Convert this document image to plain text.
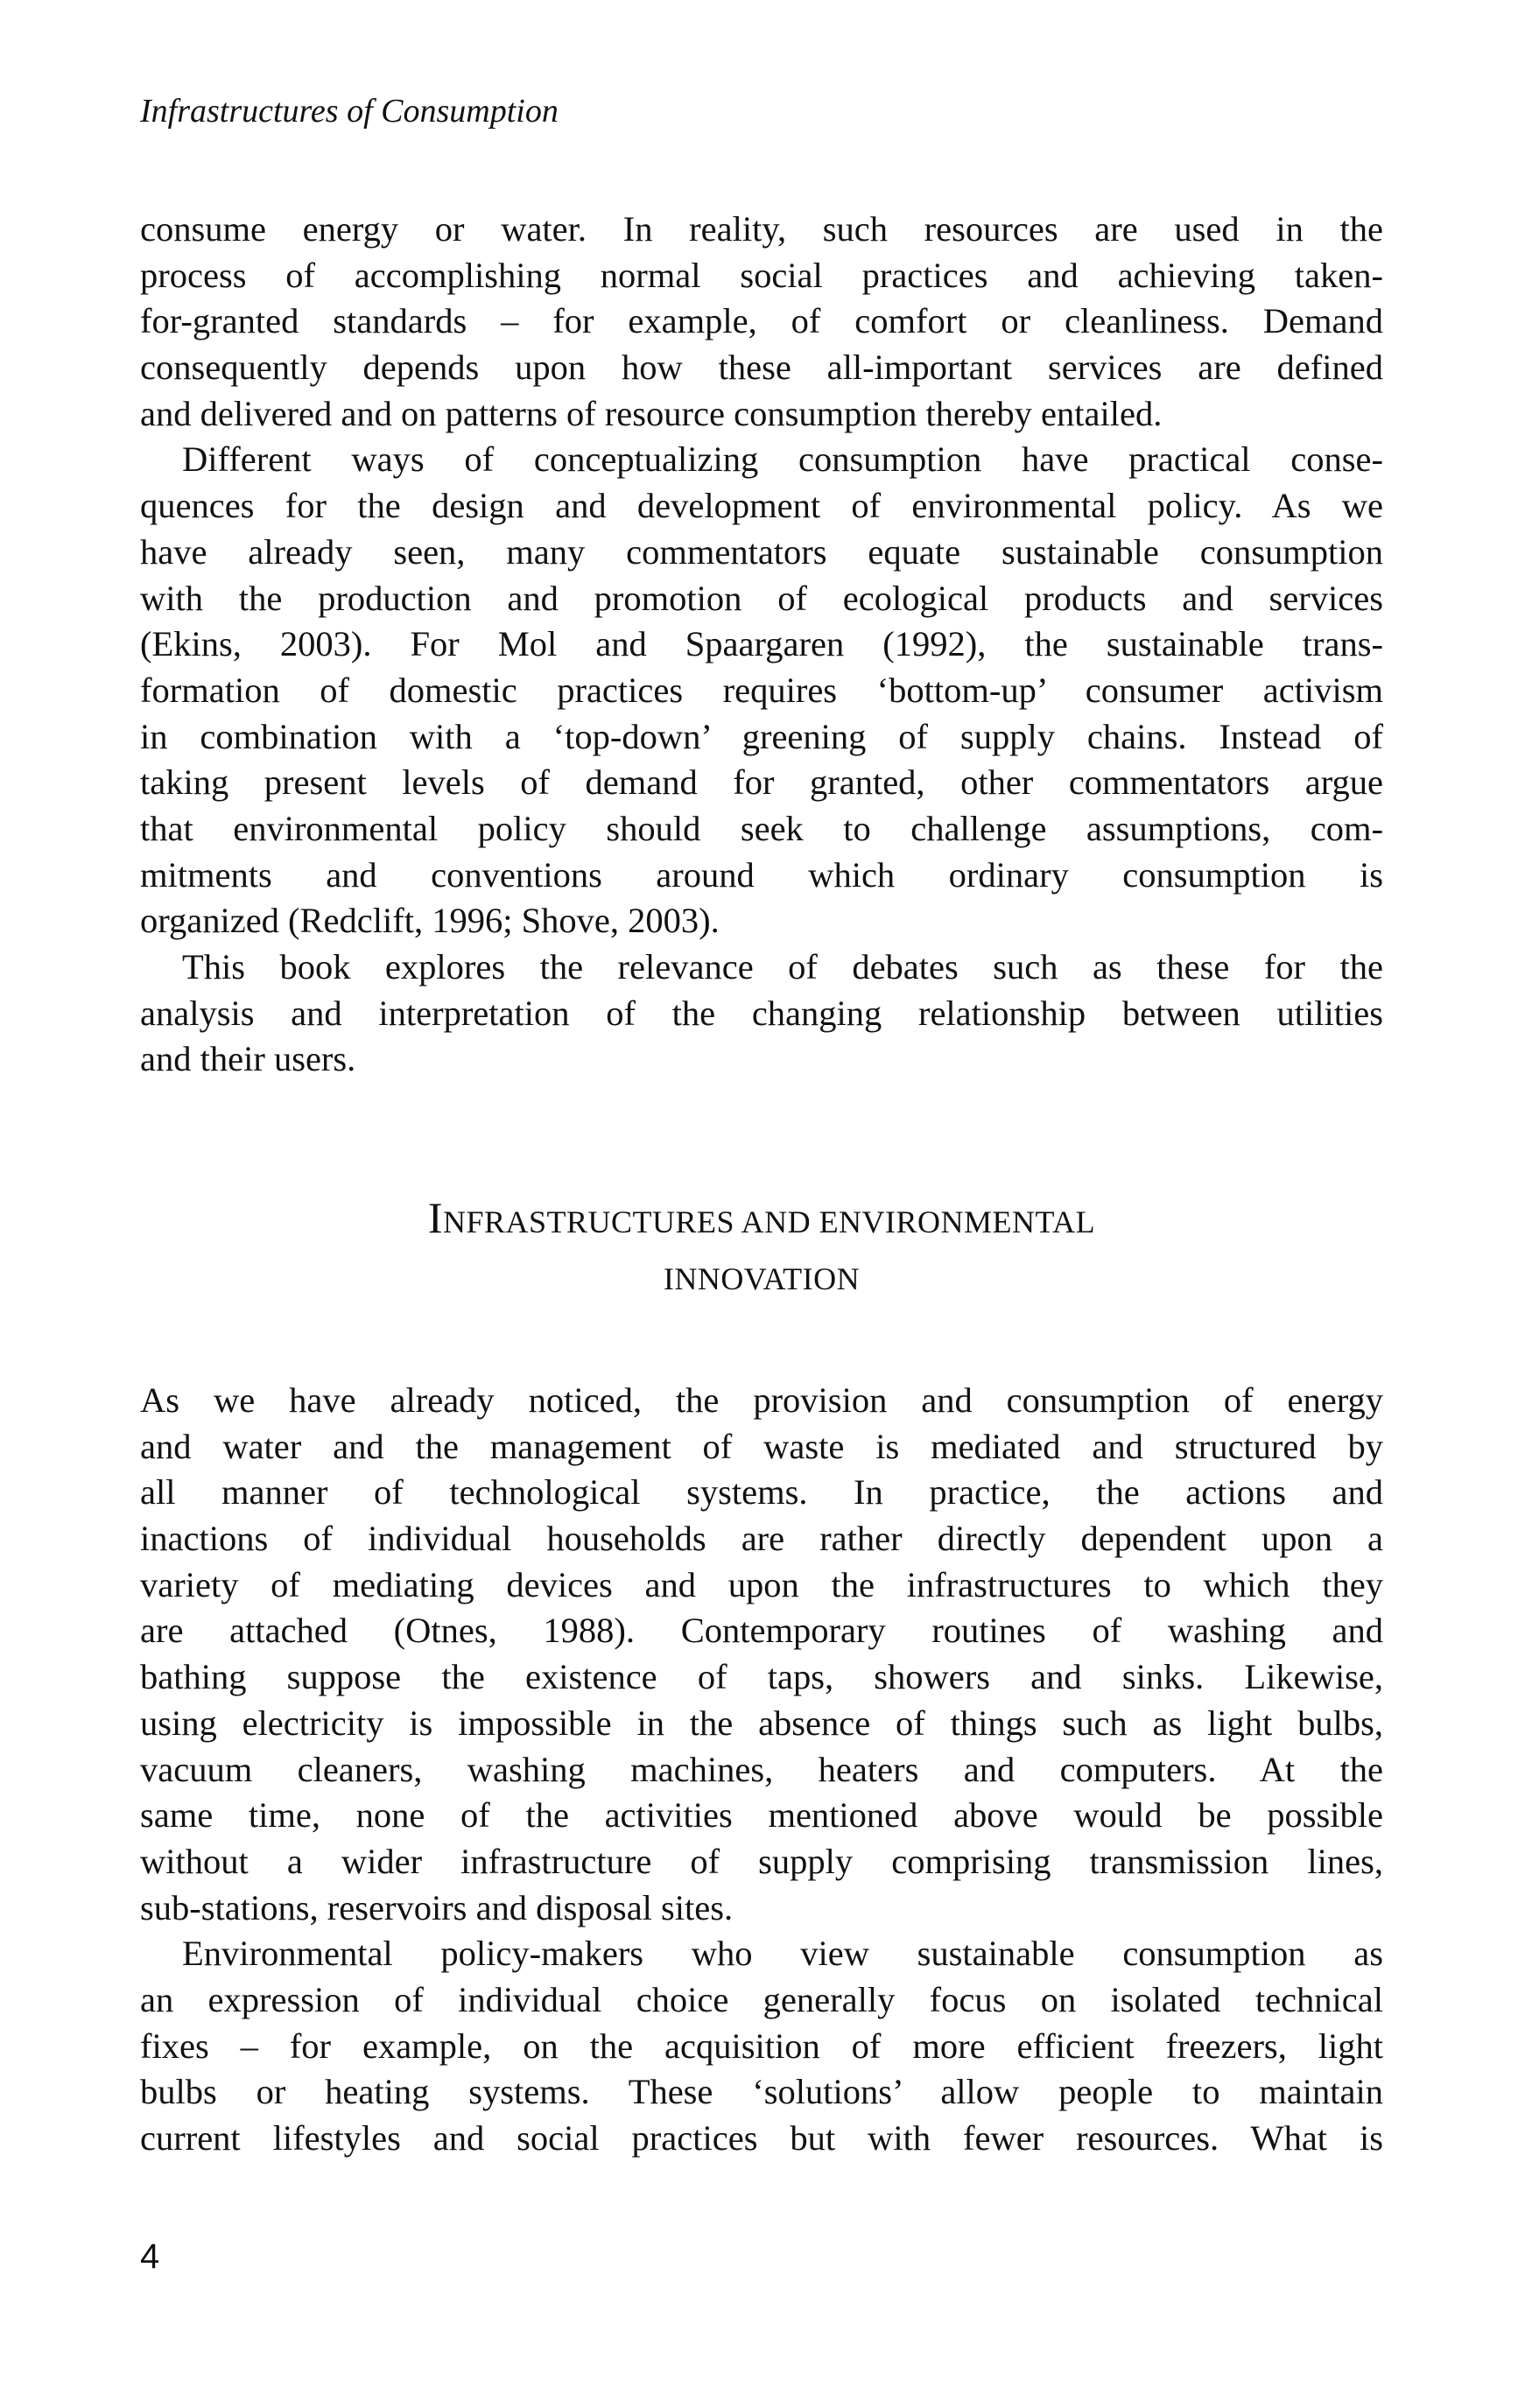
Infrastructures of Consumption
consume energy or water. In reality, such resources are used in the
process of accomplishing normal social practices and achieving taken-
for-granted standards – for example, of comfort or cleanliness. Demand
consequently depends upon how these all-important services are defined
and delivered and on patterns of resource consumption thereby entailed.
Different ways of conceptualizing consumption have practical conse-
quences for the design and development of environmental policy. As we
have already seen, many commentators equate sustainable consumption
with the production and promotion of ecological products and services
(Ekins, 2003). For Mol and Spaargaren (1992), the sustainable trans-
formation of domestic practices requires ‘bottom-up’ consumer activism
in combination with a ‘top-down’ greening of supply chains. Instead of
taking present levels of demand for granted, other commentators argue
that environmental policy should seek to challenge assumptions, com-
mitments and conventions around which ordinary consumption is
organized (Redclift, 1996; Shove, 2003).
This book explores the relevance of debates such as these for the
analysis and interpretation of the changing relationship between utilities
and their users.
INFRASTRUCTURES AND ENVIRONMENTAL
INNOVATION
As we have already noticed, the provision and consumption of energy
and water and the management of waste is mediated and structured by
all manner of technological systems. In practice, the actions and
inactions of individual households are rather directly dependent upon a
variety of mediating devices and upon the infrastructures to which they
are attached (Otnes, 1988). Contemporary routines of washing and
bathing suppose the existence of taps, showers and sinks. Likewise,
using electricity is impossible in the absence of things such as light bulbs,
vacuum cleaners, washing machines, heaters and computers. At the
same time, none of the activities mentioned above would be possible
without a wider infrastructure of supply comprising transmission lines,
sub-stations, reservoirs and disposal sites.
Environmental policy-makers who view sustainable consumption as
an expression of individual choice generally focus on isolated technical
fixes – for example, on the acquisition of more efficient freezers, light
bulbs or heating systems. These ‘solutions’ allow people to maintain
current lifestyles and social practices but with fewer resources. What is
4
